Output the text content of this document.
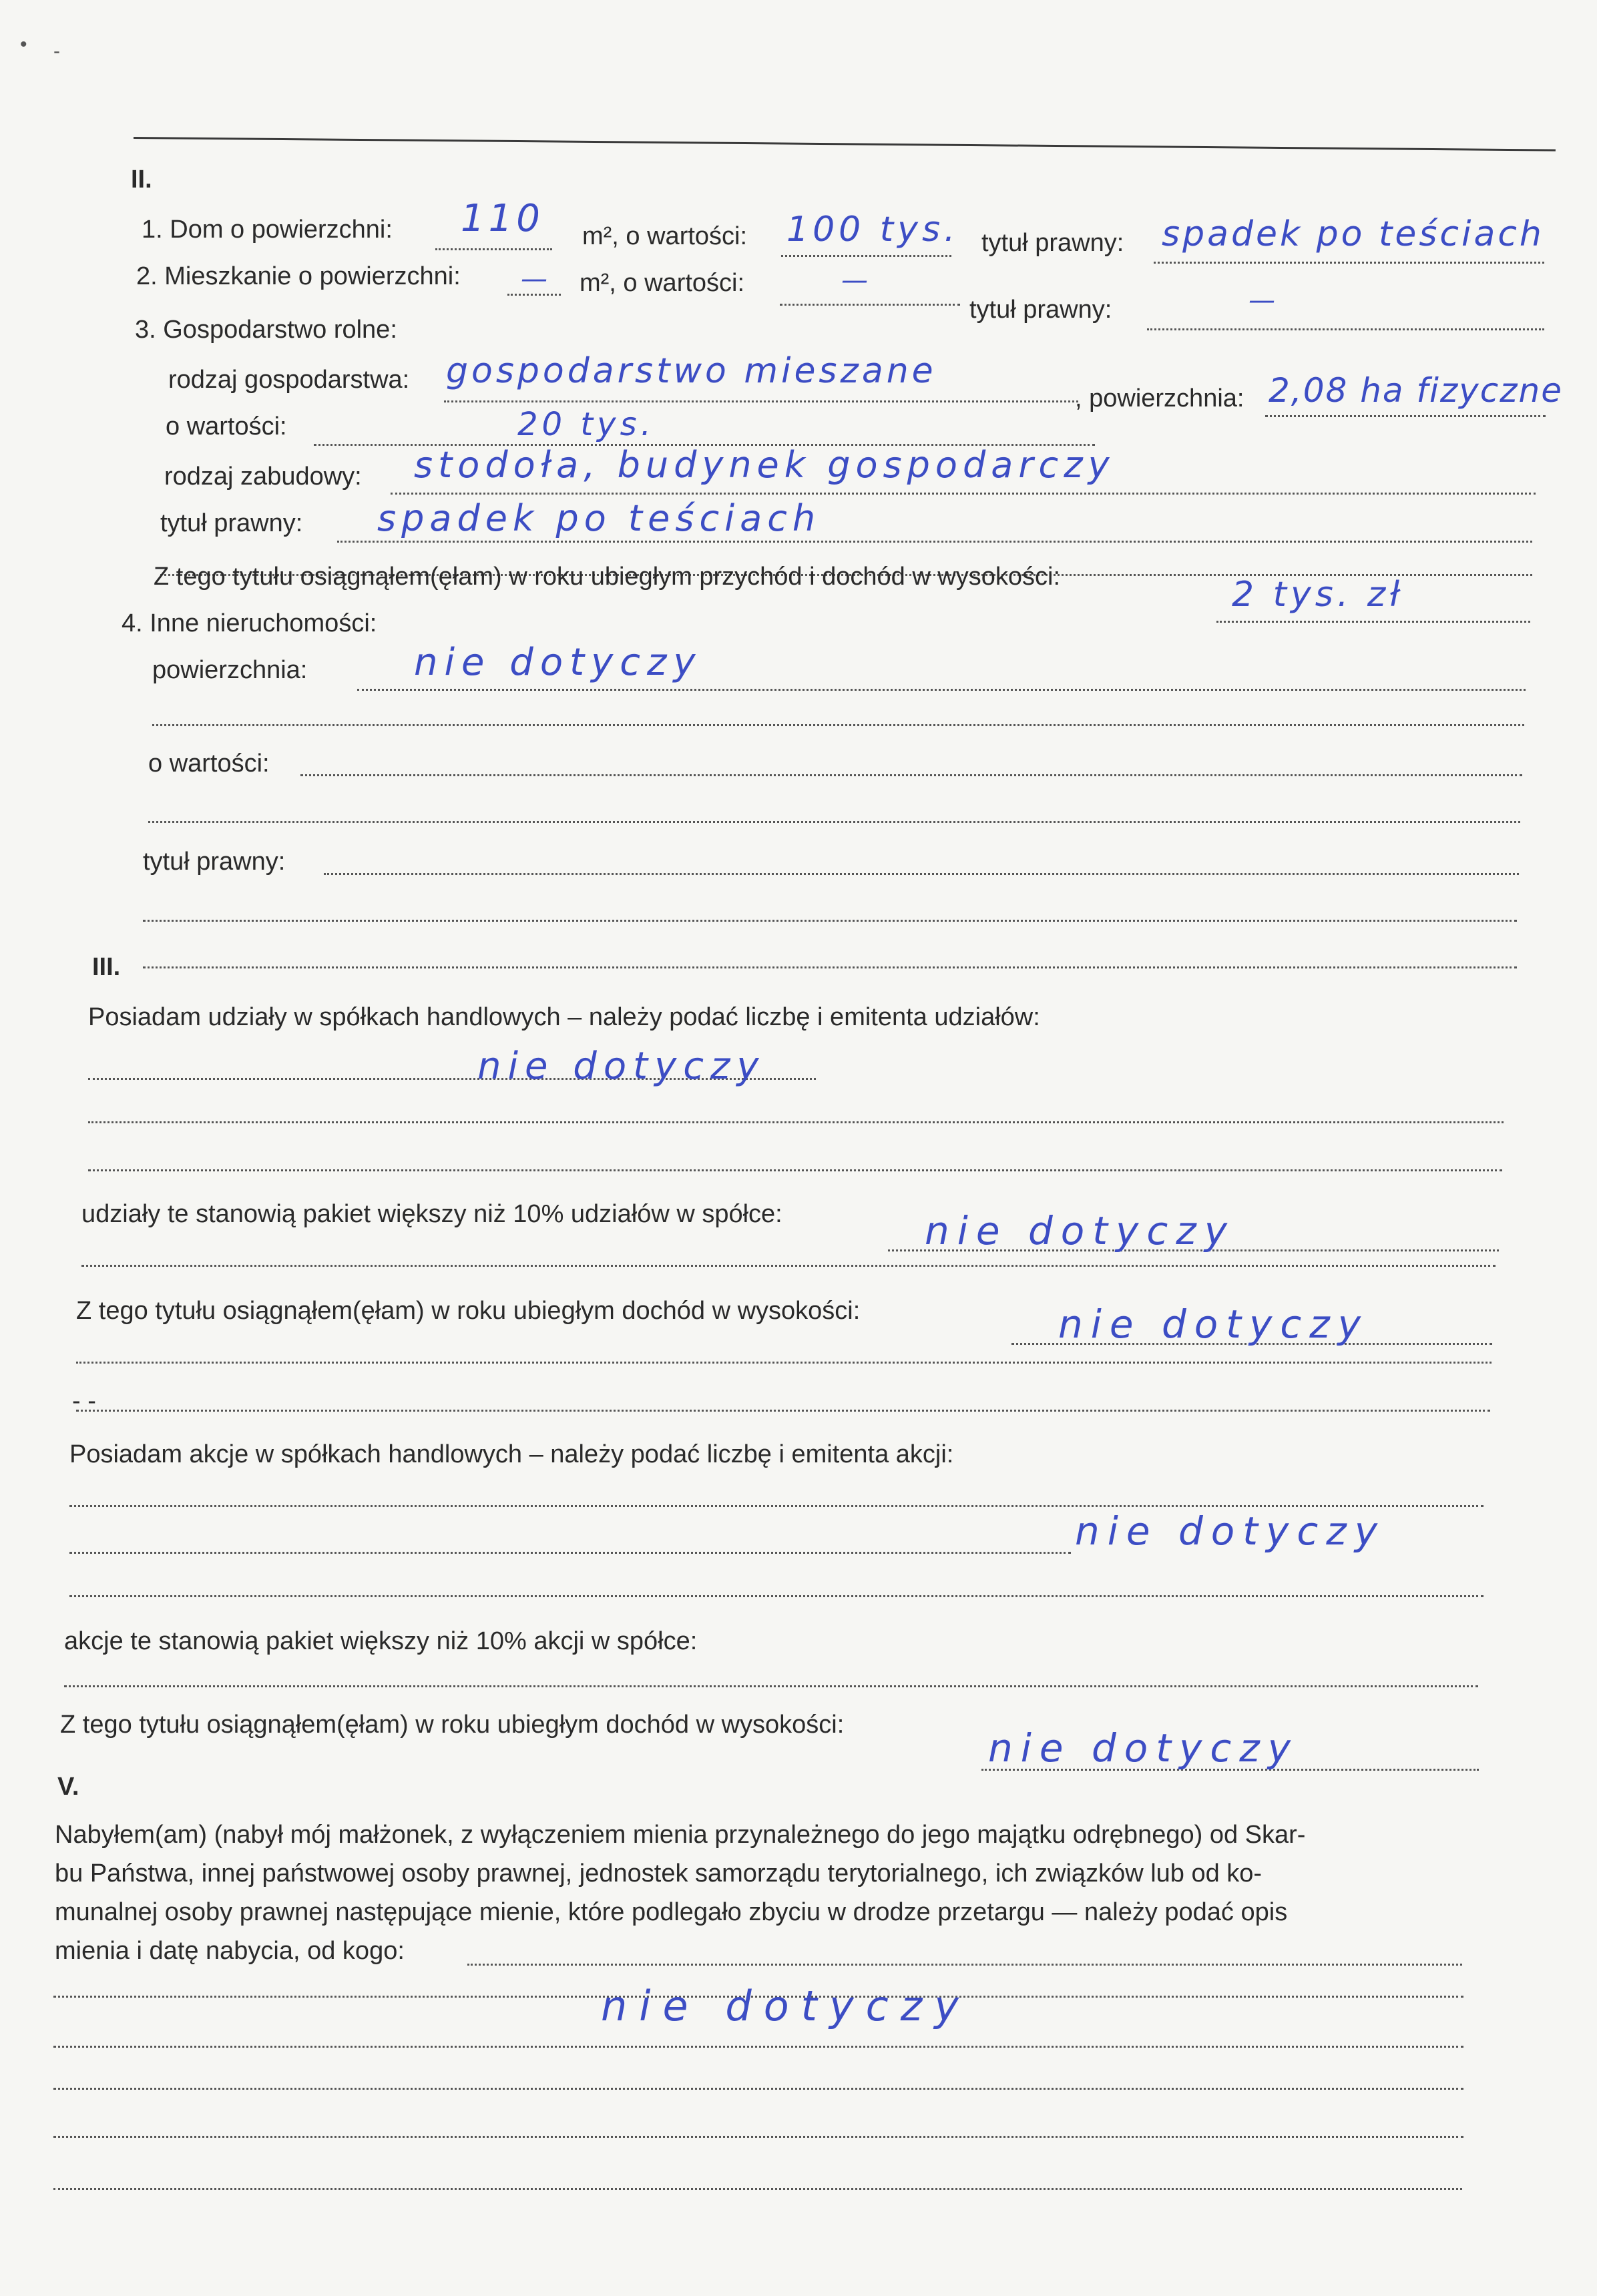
• -
II.
1. Dom o powierzchni: 110 m², o wartości: 100 tys. tytuł prawny: spadek po teściach
2. Mieszkanie o powierzchni: — m², o wartości:	—
tytuł prawny:	—
3. Gospodarstwo rolne:
rodzaj gospodarstwa: gospodarstwo mieszane
, powierzchnia: 2,08 ha fizyczne
o wartości:	20 tys.
rodzaj zabudowy: stodoła, budynek gospodarczy
tytuł prawny: spadek po teściach
Z tego tytułu osiągnąłem(ęłam) w roku ubiegłym przychód i dochód w wysokości:	2 tys. zł
4. Inne nieruchomości:
powierzchnia:	nie dotyczy
o wartości:
tytuł prawny:
III.
Posiadam udziały w spółkach handlowych – należy podać liczbę i emitenta udziałów:
nie dotyczy
udziały te stanowią pakiet większy niż 10% udziałów w spółce:	nie dotyczy
Z tego tytułu osiągnąłem(ęłam) w roku ubiegłym dochód w wysokości:	nie dotyczy
- -
Posiadam akcje w spółkach handlowych – należy podać liczbę i emitenta akcji:
nie dotyczy
akcje te stanowią pakiet większy niż 10% akcji w spółce:
Z tego tytułu osiągnąłem(ęłam) w roku ubiegłym dochód w wysokości:
nie dotyczy
V.
Nabyłem(am) (nabył mój małżonek, z wyłączeniem mienia przynależnego do jego majątku odrębnego) od Skar-
bu Państwa, innej państwowej osoby prawnej, jednostek samorządu terytorialnego, ich związków lub od ko-
munalnej osoby prawnej następujące mienie, które podlegało zbyciu w drodze przetargu — należy podać opis
mienia i datę nabycia, od kogo:
nie dotyczy
